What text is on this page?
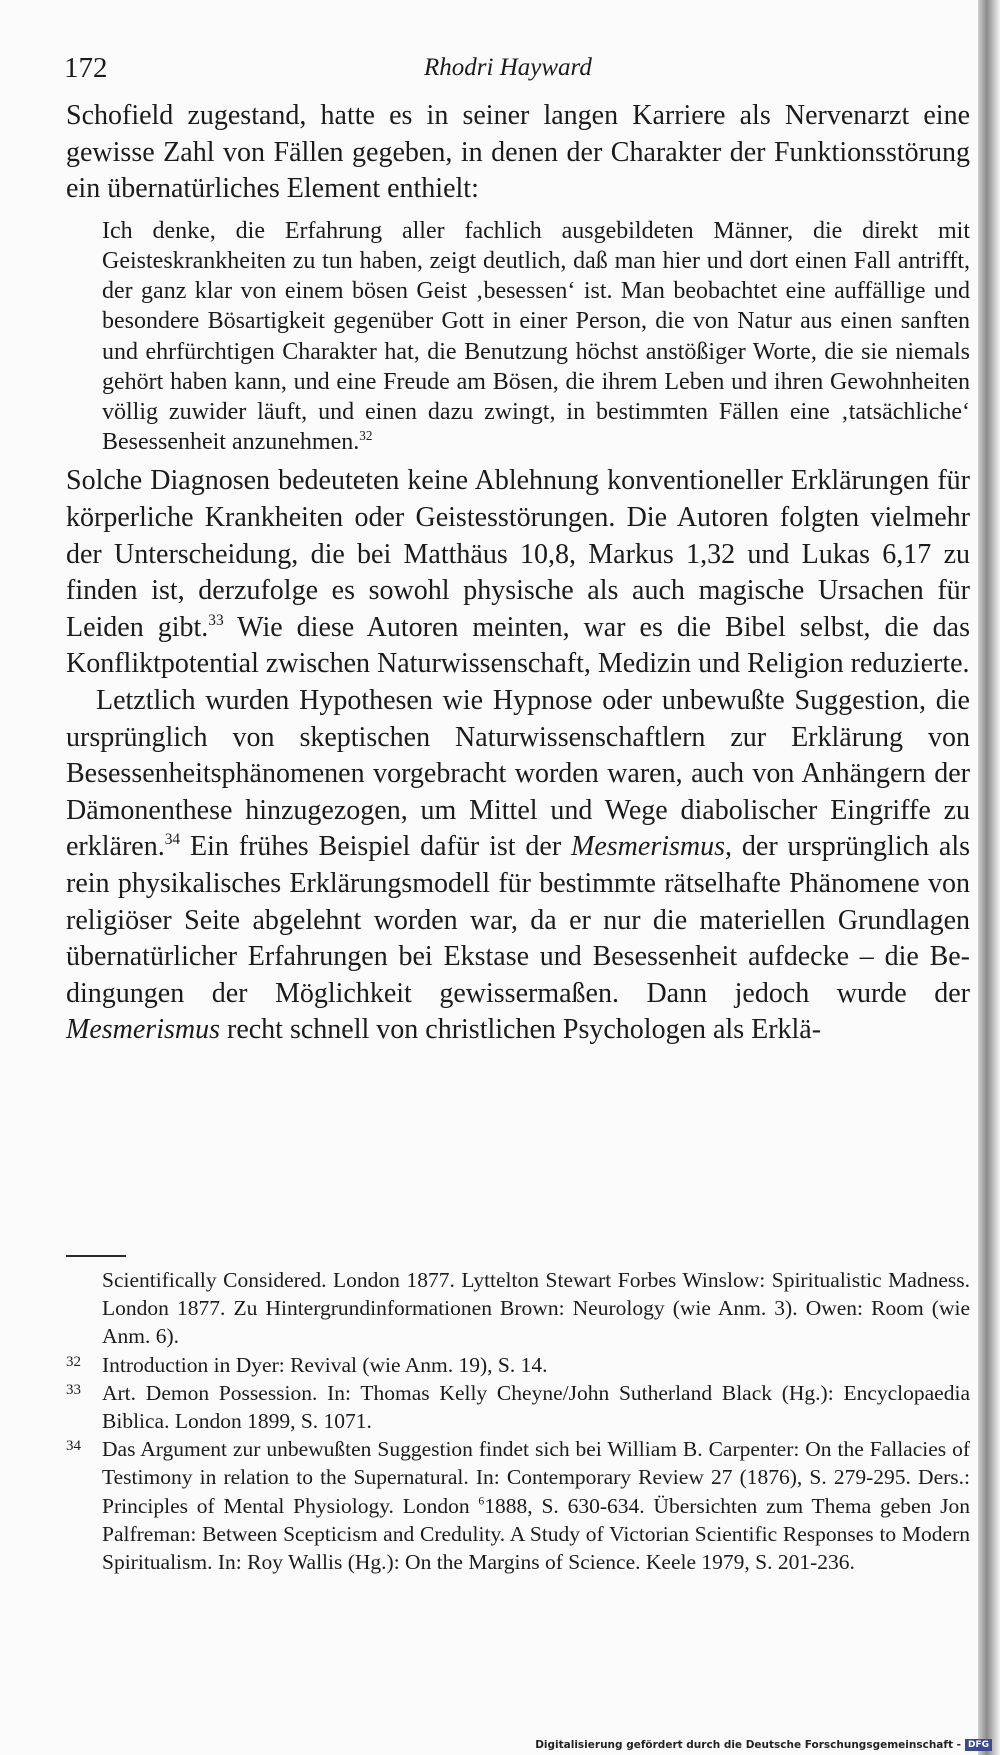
172	Rhodri Hayward

Schofield zugestand, hatte es in seiner langen Karriere als Nervenarzt eine gewisse Zahl von Fällen gegeben, in denen der Charakter der Funktionsstörung ein übernatürliches Element enthielt:

Ich denke, die Erfahrung aller fachlich ausgebildeten Männer, die direkt mit Geisteskrankheiten zu tun haben, zeigt deutlich, daß man hier und dort einen Fall antrifft, der ganz klar von einem bösen Geist ‚besessen‘ ist. Man beobachtet eine auffällige und besondere Bösartigkeit gegenüber Gott in einer Person, die von Natur aus einen sanften und ehrfürchtigen Charakter hat, die Benutzung höchst anstößiger Worte, die sie niemals gehört haben kann, und eine Freude am Bösen, die ihrem Leben und ihren Gewohnheiten völlig zuwider läuft, und einen dazu zwingt, in bestimmten Fällen eine ‚tatsächliche‘ Besessenheit anzunehmen.$^{32}$

Solche Diagnosen bedeuteten keine Ablehnung konventioneller Erklärungen für körperliche Krankheiten oder Geistesstörungen. Die Autoren folgten vielmehr der Unterscheidung, die bei Matthäus 10,8, Markus 1,32 und Lukas 6,17 zu finden ist, derzufolge es sowohl physische als auch magische Ursachen für Leiden gibt.$^{33}$ Wie diese Autoren meinten, war es die Bibel selbst, die das Konfliktpotential zwischen Naturwissenschaft, Medizin und Religion reduzierte.

Letztlich wurden Hypothesen wie Hypnose oder unbewußte Suggestion, die ursprünglich von skeptischen Naturwissenschaftlern zur Erklärung von Besessenheitsphänomenen vorgebracht worden waren, auch von Anhängern der Dämonenthese hinzugezogen, um Mittel und Wege diabolischer Eingriffe zu erklären.$^{34}$ Ein frühes Beispiel dafür ist der Mesmerismus, der ursprünglich als rein physikalisches Erklärungsmodell für bestimmte rätselhafte Phänomene von religiöser Seite abgelehnt worden war, da er nur die materiellen Grundlagen übernatürlicher Erfahrungen bei Ekstase und Besessenheit aufdecke – die Bedingungen der Möglichkeit gewissermaßen. Dann jedoch wurde der Mesmerismus recht schnell von christlichen Psychologen als Erklä-

Scientifically Considered. London 1877. Lyttelton Stewart Forbes Winslow: Spiritualistic Madness. London 1877. Zu Hintergrundinformationen Brown: Neurology (wie Anm. 3). Owen: Room (wie Anm. 6).

32 Introduction in Dyer: Revival (wie Anm. 19), S. 14.

33 Art. Demon Possession. In: Thomas Kelly Cheyne/John Sutherland Black (Hg.): Encyclopaedia Biblica. London 1899, S. 1071.

34 Das Argument zur unbewußten Suggestion findet sich bei William B. Carpenter: On the Fallacies of Testimony in relation to the Supernatural. In: Contemporary Review 27 (1876), S. 279-295. Ders.: Principles of Mental Physiology. London $^6$1888, S. 630-634. Übersichten zum Thema geben Jon Palfreman: Between Scepticism and Credulity. A Study of Victorian Scientific Responses to Modern Spiritualism. In: Roy Wallis (Hg.): On the Margins of Science. Keele 1979, S. 201-236.

Digitalisierung gefördert durch die Deutsche Forschungsgemeinschaft - DFG
